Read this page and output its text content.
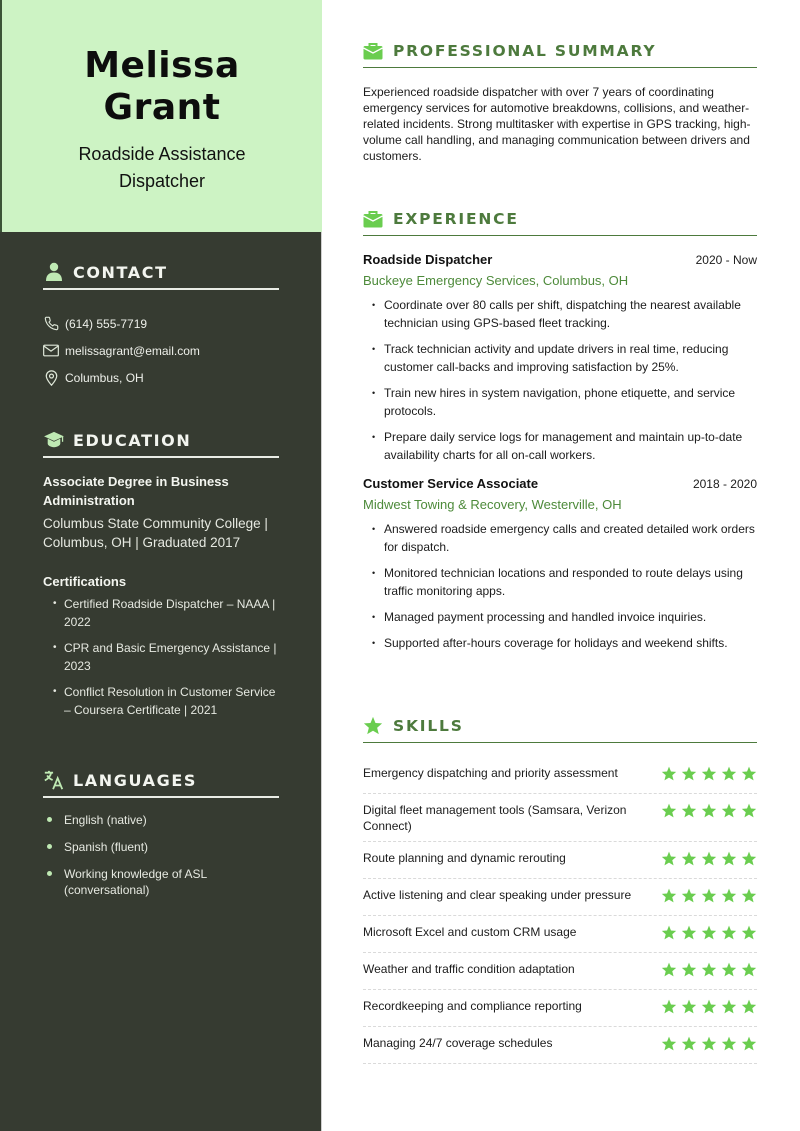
Melissa
Grant
Roadside Assistance
Dispatcher
CONTACT
(614) 555-7719
melissagrant@email.com
Columbus, OH
EDUCATION
Associate Degree in Business Administration
Columbus State Community College | Columbus, OH | Graduated 2017
Certifications
• Certified Roadside Dispatcher – NAAA | 2022
• CPR and Basic Emergency Assistance | 2023
• Conflict Resolution in Customer Service – Coursera Certificate | 2021
LANGUAGES
English (native)
Spanish (fluent)
Working knowledge of ASL (conversational)
PROFESSIONAL SUMMARY

Experienced roadside dispatcher with over 7 years of coordinating emergency services for automotive breakdowns, collisions, and weather-related incidents. Strong multitasker with expertise in GPS tracking, high-volume call handling, and managing communication between drivers and customers.

EXPERIENCE
Roadside Dispatcher	2020 - Now
Buckeye Emergency Services, Columbus, OH
• Coordinate over 80 calls per shift, dispatching the nearest available technician using GPS-based fleet tracking.
• Track technician activity and update drivers in real time, reducing customer call-backs and improving satisfaction by 25%.
• Train new hires in system navigation, phone etiquette, and service protocols.
• Prepare daily service logs for management and maintain up-to-date availability charts for all on-call workers.
Customer Service Associate	2018 - 2020
Midwest Towing & Recovery, Westerville, OH
• Answered roadside emergency calls and created detailed work orders for dispatch.
• Monitored technician locations and responded to route delays using traffic monitoring apps.
• Managed payment processing and handled invoice inquiries.
• Supported after-hours coverage for holidays and weekend shifts.
SKILLS
Emergency dispatching and priority assessment
Digital fleet management tools (Samsara, Verizon Connect)
Route planning and dynamic rerouting
Active listening and clear speaking under pressure
Microsoft Excel and custom CRM usage
Weather and traffic condition adaptation
Recordkeeping and compliance reporting
Managing 24/7 coverage schedules
